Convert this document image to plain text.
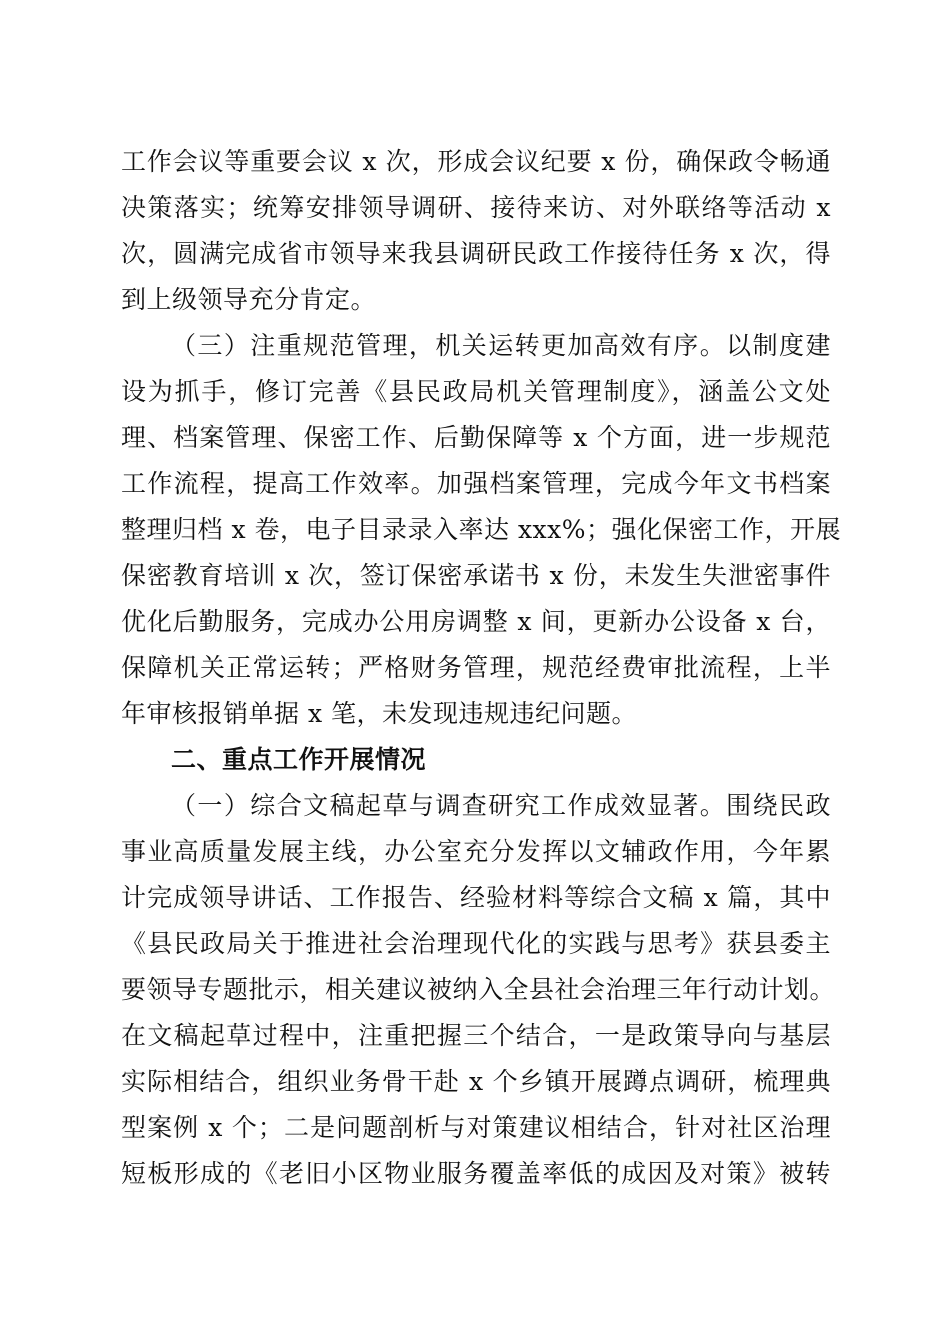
工作会议等重要会议 x 次，形成会议纪要 x 份，确保政令畅通
决策落实；统筹安排领导调研、接待来访、对外联络等活动 x
次，圆满完成省市领导来我县调研民政工作接待任务 x 次，得
到上级领导充分肯定。
（三）注重规范管理，机关运转更加高效有序。以制度建
设为抓手，修订完善《县民政局机关管理制度》，涵盖公文处
理、档案管理、保密工作、后勤保障等 x 个方面，进一步规范
工作流程，提高工作效率。加强档案管理，完成今年文书档案
整理归档 x 卷，电子目录录入率达 xxx%；强化保密工作，开展
保密教育培训 x 次，签订保密承诺书 x 份，未发生失泄密事件
优化后勤服务，完成办公用房调整 x 间，更新办公设备 x 台，
保障机关正常运转；严格财务管理，规范经费审批流程，上半
年审核报销单据 x 笔，未发现违规违纪问题。
二、重点工作开展情况
（一）综合文稿起草与调查研究工作成效显著。围绕民政
事业高质量发展主线，办公室充分发挥以文辅政作用，今年累
计完成领导讲话、工作报告、经验材料等综合文稿 x 篇，其中
《县民政局关于推进社会治理现代化的实践与思考》获县委主
要领导专题批示，相关建议被纳入全县社会治理三年行动计划。
在文稿起草过程中，注重把握三个结合，一是政策导向与基层
实际相结合，组织业务骨干赴 x 个乡镇开展蹲点调研，梳理典
型案例 x 个；二是问题剖析与对策建议相结合，针对社区治理
短板形成的《老旧小区物业服务覆盖率低的成因及对策》被转
